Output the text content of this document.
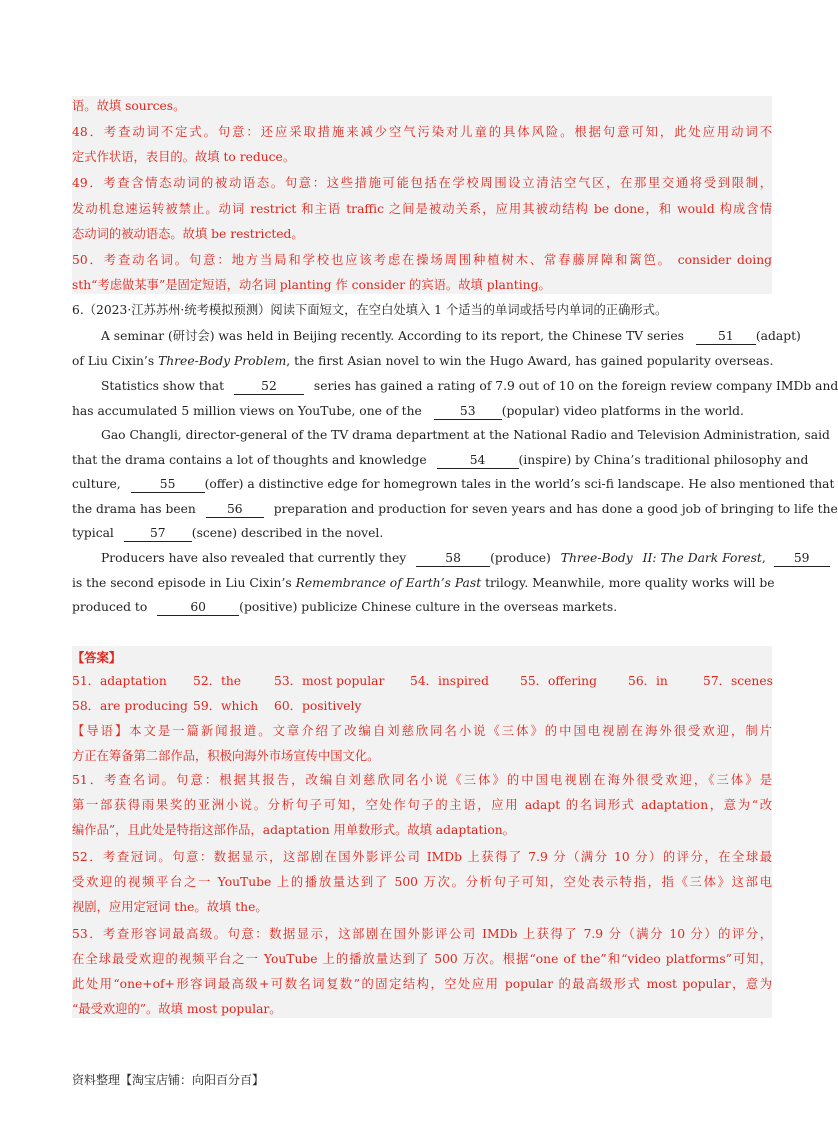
语。故填 sources。
48．考查动词不定式。句意：还应采取措施来减少空气污染对儿童的具体风险。根据句意可知，此处应用动词不
定式作状语，表目的。故填 to reduce。
49．考查含情态动词的被动语态。句意：这些措施可能包括在学校周围设立清洁空气区，在那里交通将受到限制，
发动机怠速运转被禁止。动词 restrict 和主语 traffic 之间是被动关系，应用其被动结构 be done，和 would 构成含情
态动词的被动语态。故填 be restricted。
50．考查动名词。句意：地方当局和学校也应该考虑在操场周围种植树木、常春藤屏障和篱笆。 consider doing
sth“考虑做某事”是固定短语，动名词 planting 作 consider 的宾语。故填 planting。
6.（2023·江苏苏州·统考模拟预测）阅读下面短文，在空白处填入 1 个适当的单词或括号内单词的正确形式。
A seminar (研讨会) was held in Beijing recently. According to its report, the Chinese TV series	51 (adapt)
of Liu Cixin’s Three-Body Problem, the first Asian novel to win the Hugo Award, has gained popularity overseas.
Statistics show that	52	series has gained a rating of 7.9 out of 10 on the foreign review company IMDb and
has accumulated 5 million views on YouTube, one of the	53 (popular) video platforms in the world.
Gao Changli, director-general of the TV drama department at the National Radio and Television Administration, said
that the drama contains a lot of thoughts and knowledge	54	(inspire) by China’s traditional philosophy and
culture,	55 (offer) a distinctive edge for homegrown tales in the world’s sci-fi landscape. He also mentioned that
the drama has been	56	preparation and production for seven years and has done a good job of bringing to life the
typical	57 (scene) described in the novel.
Producers have also revealed that currently they	58 (produce) Three-Body II: The Dark Forest, 59
is the second episode in Liu Cixin’s Remembrance of Earth’s Past trilogy. Meanwhile, more quality works will be
produced to	60	(positive) publicize Chinese culture in the overseas markets.
【答案】
51．adaptation 52．the	53．most popular 54．inspired	55．offering	56．in	57．scenes
58．are producing 59．which 60．positively
【导语】本文是一篇新闻报道。文章介绍了改编自刘慈欣同名小说《三体》的中国电视剧在海外很受欢迎，制片
方正在筹备第二部作品，积极向海外市场宣传中国文化。
51．考查名词。句意：根据其报告，改编自刘慈欣同名小说《三体》的中国电视剧在海外很受欢迎，《三体》是
第一部获得雨果奖的亚洲小说。分析句子可知，空处作句子的主语，应用 adapt 的名词形式 adaptation，意为“改
编作品”，且此处是特指这部作品，adaptation 用单数形式。故填 adaptation。
52．考查冠词。句意：数据显示，这部剧在国外影评公司 IMDb 上获得了 7.9 分（满分 10 分）的评分，在全球最
受欢迎的视频平台之一 YouTube 上的播放量达到了 500 万次。分析句子可知，空处表示特指，指《三体》这部电
视剧，应用定冠词 the。故填 the。
53．考查形容词最高级。句意：数据显示，这部剧在国外影评公司 IMDb 上获得了 7.9 分（满分 10 分）的评分，
在全球最受欢迎的视频平台之一 YouTube 上的播放量达到了 500 万次。根据“one of the”和“video platforms”可知，
此处用“one+of+形容词最高级+可数名词复数”的固定结构，空处应用 popular 的最高级形式 most popular，意为
“最受欢迎的”。故填 most popular。
资料整理【淘宝店铺：向阳百分百】
